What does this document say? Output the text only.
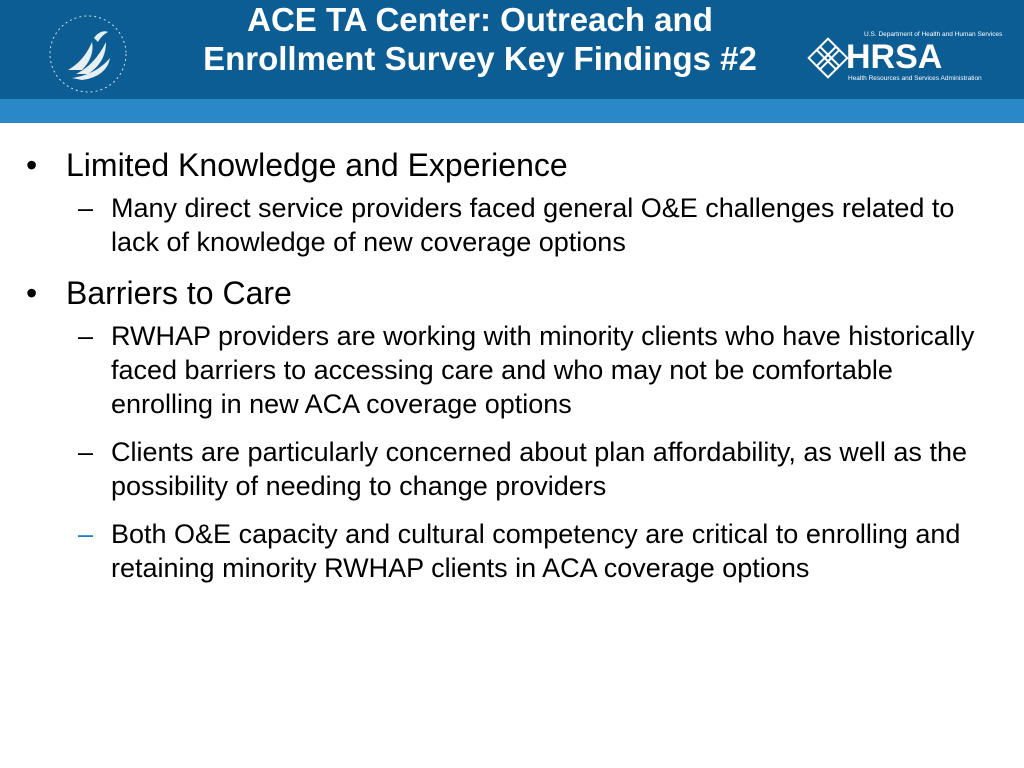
ACE TA Center: Outreach and
Enrollment Survey Key Findings #2
U.S. Department of Health and Human Services
HRSA
Health Resources and Services Administration
• Limited Knowledge and Experience
– Many direct service providers faced general O&E challenges related to lack of knowledge of new coverage options
• Barriers to Care
– RWHAP providers are working with minority clients who have historically faced barriers to accessing care and who may not be comfortable enrolling in new ACA coverage options
– Clients are particularly concerned about plan affordability, as well as the possibility of needing to change providers
– Both O&E capacity and cultural competency are critical to enrolling and retaining minority RWHAP clients in ACA coverage options
